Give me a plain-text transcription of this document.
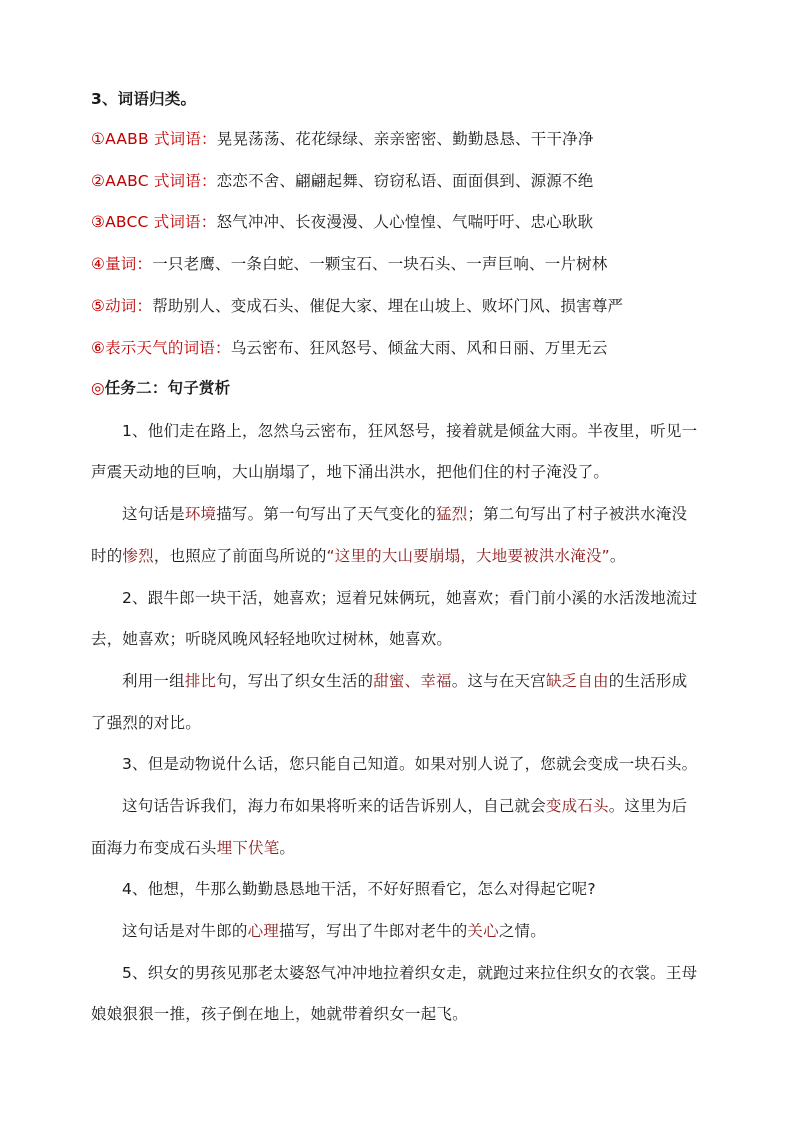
3、词语归类。
①AABB 式词语：晃晃荡荡、花花绿绿、亲亲密密、勤勤恳恳、干干净净
②AABC 式词语：恋恋不舍、翩翩起舞、窃窃私语、面面俱到、源源不绝
③ABCC 式词语：怒气冲冲、长夜漫漫、人心惶惶、气喘吁吁、忠心耿耿
④量词：一只老鹰、一条白蛇、一颗宝石、一块石头、一声巨响、一片树林
⑤动词：帮助别人、变成石头、催促大家、埋在山坡上、败坏门风、损害尊严
⑥表示天气的词语：乌云密布、狂风怒号、倾盆大雨、风和日丽、万里无云
◎任务二：句子赏析
1、他们走在路上，忽然乌云密布，狂风怒号，接着就是倾盆大雨。半夜里，听见一
声震天动地的巨响，大山崩塌了，地下涌出洪水，把他们住的村子淹没了。
这句话是环境描写。第一句写出了天气变化的猛烈；第二句写出了村子被洪水淹没
时的惨烈，也照应了前面鸟所说的“这里的大山要崩塌，大地要被洪水淹没”。
2、跟牛郎一块干活，她喜欢；逗着兄妹俩玩，她喜欢；看门前小溪的水活泼地流过
去，她喜欢；听晓风晚风轻轻地吹过树林，她喜欢。
利用一组排比句，写出了织女生活的甜蜜、幸福。这与在天宫缺乏自由的生活形成
了强烈的对比。
3、但是动物说什么话，您只能自己知道。如果对别人说了，您就会变成一块石头。
这句话告诉我们，海力布如果将听来的话告诉别人，自己就会变成石头。这里为后
面海力布变成石头埋下伏笔。
4、他想，牛那么勤勤恳恳地干活，不好好照看它，怎么对得起它呢?
这句话是对牛郎的心理描写，写出了牛郎对老牛的关心之情。
5、织女的男孩见那老太婆怒气冲冲地拉着织女走，就跑过来拉住织女的衣裳。王母
娘娘狠狠一推，孩子倒在地上，她就带着织女一起飞。
